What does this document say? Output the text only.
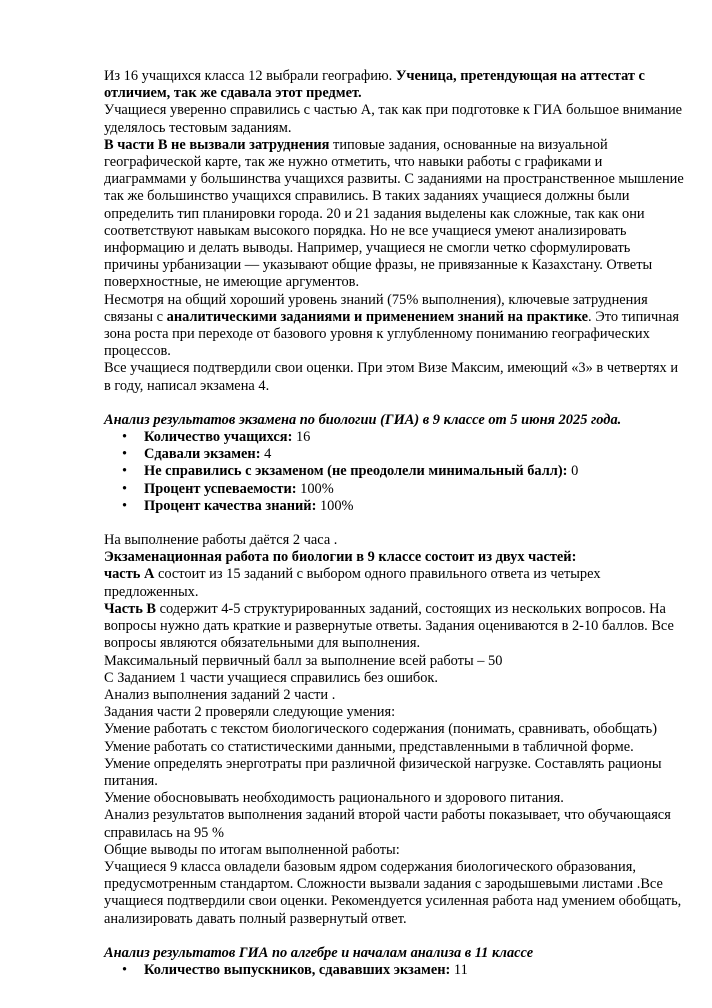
Из 16 учащихся класса 12 выбрали географию. Ученица, претендующая на аттестат с отличием, так же сдавала этот предмет.

Учащиеся уверенно справились с частью А, так как при подготовке к ГИА большое внимание уделялось тестовым заданиям.

В части В не вызвали затруднения типовые задания, основанные на визуальной географической карте, так же нужно отметить, что навыки работы с графиками и диаграммами у большинства учащихся развиты. С заданиями на пространственное мышление так же большинство учащихся справились. В таких заданиях учащиеся должны были определить тип планировки города. 20 и 21 задания выделены как сложные, так как они соответствуют навыкам высокого порядка. Но не все учащиеся умеют анализировать информацию и делать выводы. Например, учащиеся не смогли четко сформулировать причины урбанизации — указывают общие фразы, не привязанные к Казахстану. Ответы поверхностные, не имеющие аргументов.

Несмотря на общий хороший уровень знаний (75% выполнения), ключевые затруднения связаны с аналитическими заданиями и применением знаний на практике. Это типичная зона роста при переходе от базового уровня к углубленному пониманию географических процессов.

Все учащиеся подтвердили свои оценки. При этом Визе Максим, имеющий «3» в четвертях и в году, написал экзамена 4.

Анализ результатов экзамена по биологии (ГИА) в 9 классе от 5 июня 2025 года.

• Количество учащихся: 16
• Сдавали экзамен: 4
• Не справились с экзаменом (не преодолели минимальный балл): 0
• Процент успеваемости: 100%
• Процент качества знаний: 100%

На выполнение работы даётся 2 часа .

Экзаменационная работа по биологии в 9 классе состоит из двух частей:

часть А состоит из 15 заданий с выбором одного правильного ответа из четырех предложенных.

Часть В содержит 4-5 структурированных заданий, состоящих из нескольких вопросов. На вопросы нужно дать краткие и развернутые ответы. Задания оцениваются в 2-10 баллов. Все вопросы являются обязательными для выполнения.

Максимальный первичный балл за выполнение всей работы – 50

С Заданием 1 части учащиеся справились без ошибок.

Анализ выполнения заданий 2 части .

Задания части 2 проверяли следующие умения:

Умение работать с текстом биологического содержания (понимать, сравнивать, обобщать)

Умение работать со статистическими данными, представленными в табличной форме.

Умение определять энерготраты при различной физической нагрузке. Составлять рационы питания.

Умение обосновывать необходимость рационального и здорового питания.

Анализ результатов выполнения заданий второй части работы показывает, что обучающаяся справилась на 95 %

Общие выводы по итогам выполненной работы:

Учащиеся 9 класса овладели базовым ядром содержания биологического образования, предусмотренным стандартом. Сложности вызвали задания с зародышевыми листами .Все учащиеся подтвердили свои оценки. Рекомендуется усиленная работа над умением обобщать, анализировать давать полный развернутый ответ.

Анализ результатов ГИА по алгебре и началам анализа в 11 классе

• Количество выпускников, сдававших экзамен: 11
